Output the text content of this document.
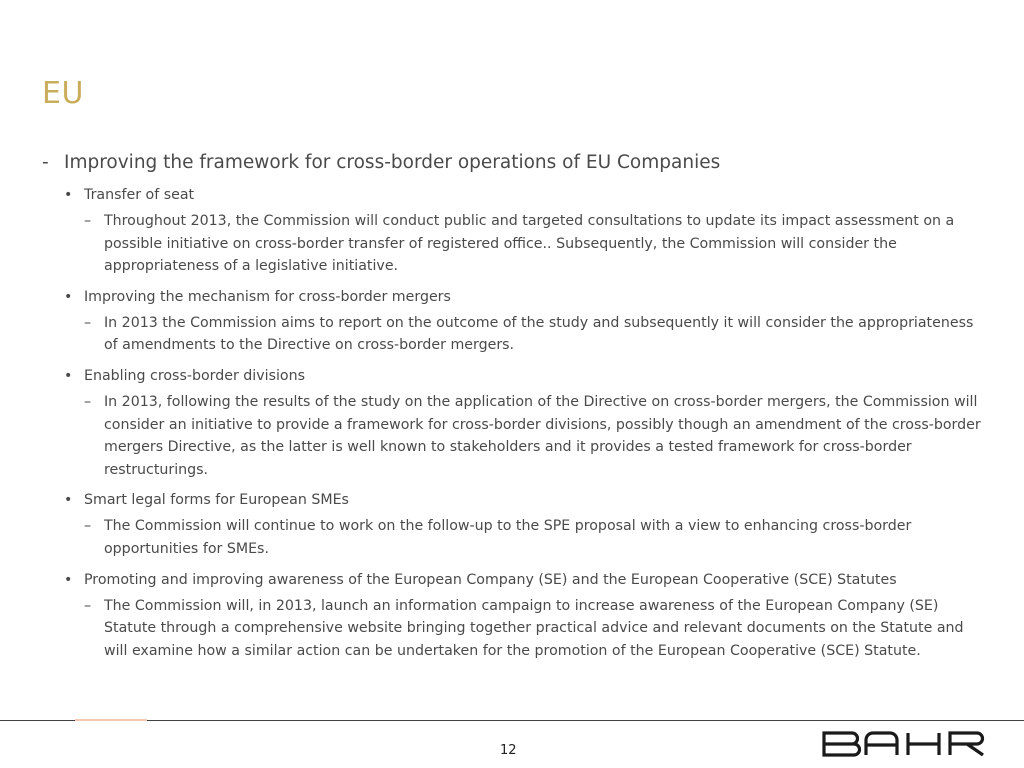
EU
- Improving the framework for cross-border operations of EU Companies
• Transfer of seat
– Throughout 2013, the Commission will conduct public and targeted consultations to update its impact assessment on a possible initiative on cross-border transfer of registered office.. Subsequently, the Commission will consider the appropriateness of a legislative initiative.
• Improving the mechanism for cross-border mergers
– In 2013 the Commission aims to report on the outcome of the study and subsequently it will consider the appropriateness of amendments to the Directive on cross-border mergers.
• Enabling cross-border divisions
– In 2013, following the results of the study on the application of the Directive on cross-border mergers, the Commission will consider an initiative to provide a framework for cross-border divisions, possibly though an amendment of the cross-border mergers Directive, as the latter is well known to stakeholders and it provides a tested framework for cross-border restructurings.
• Smart legal forms for European SMEs
– The Commission will continue to work on the follow-up to the SPE proposal with a view to enhancing cross-border opportunities for SMEs.
• Promoting and improving awareness of the European Company (SE) and the European Cooperative (SCE) Statutes
– The Commission will, in 2013, launch an information campaign to increase awareness of the European Company (SE) Statute through a comprehensive website bringing together practical advice and relevant documents on the Statute and will examine how a similar action can be undertaken for the promotion of the European Cooperative (SCE) Statute.
12
